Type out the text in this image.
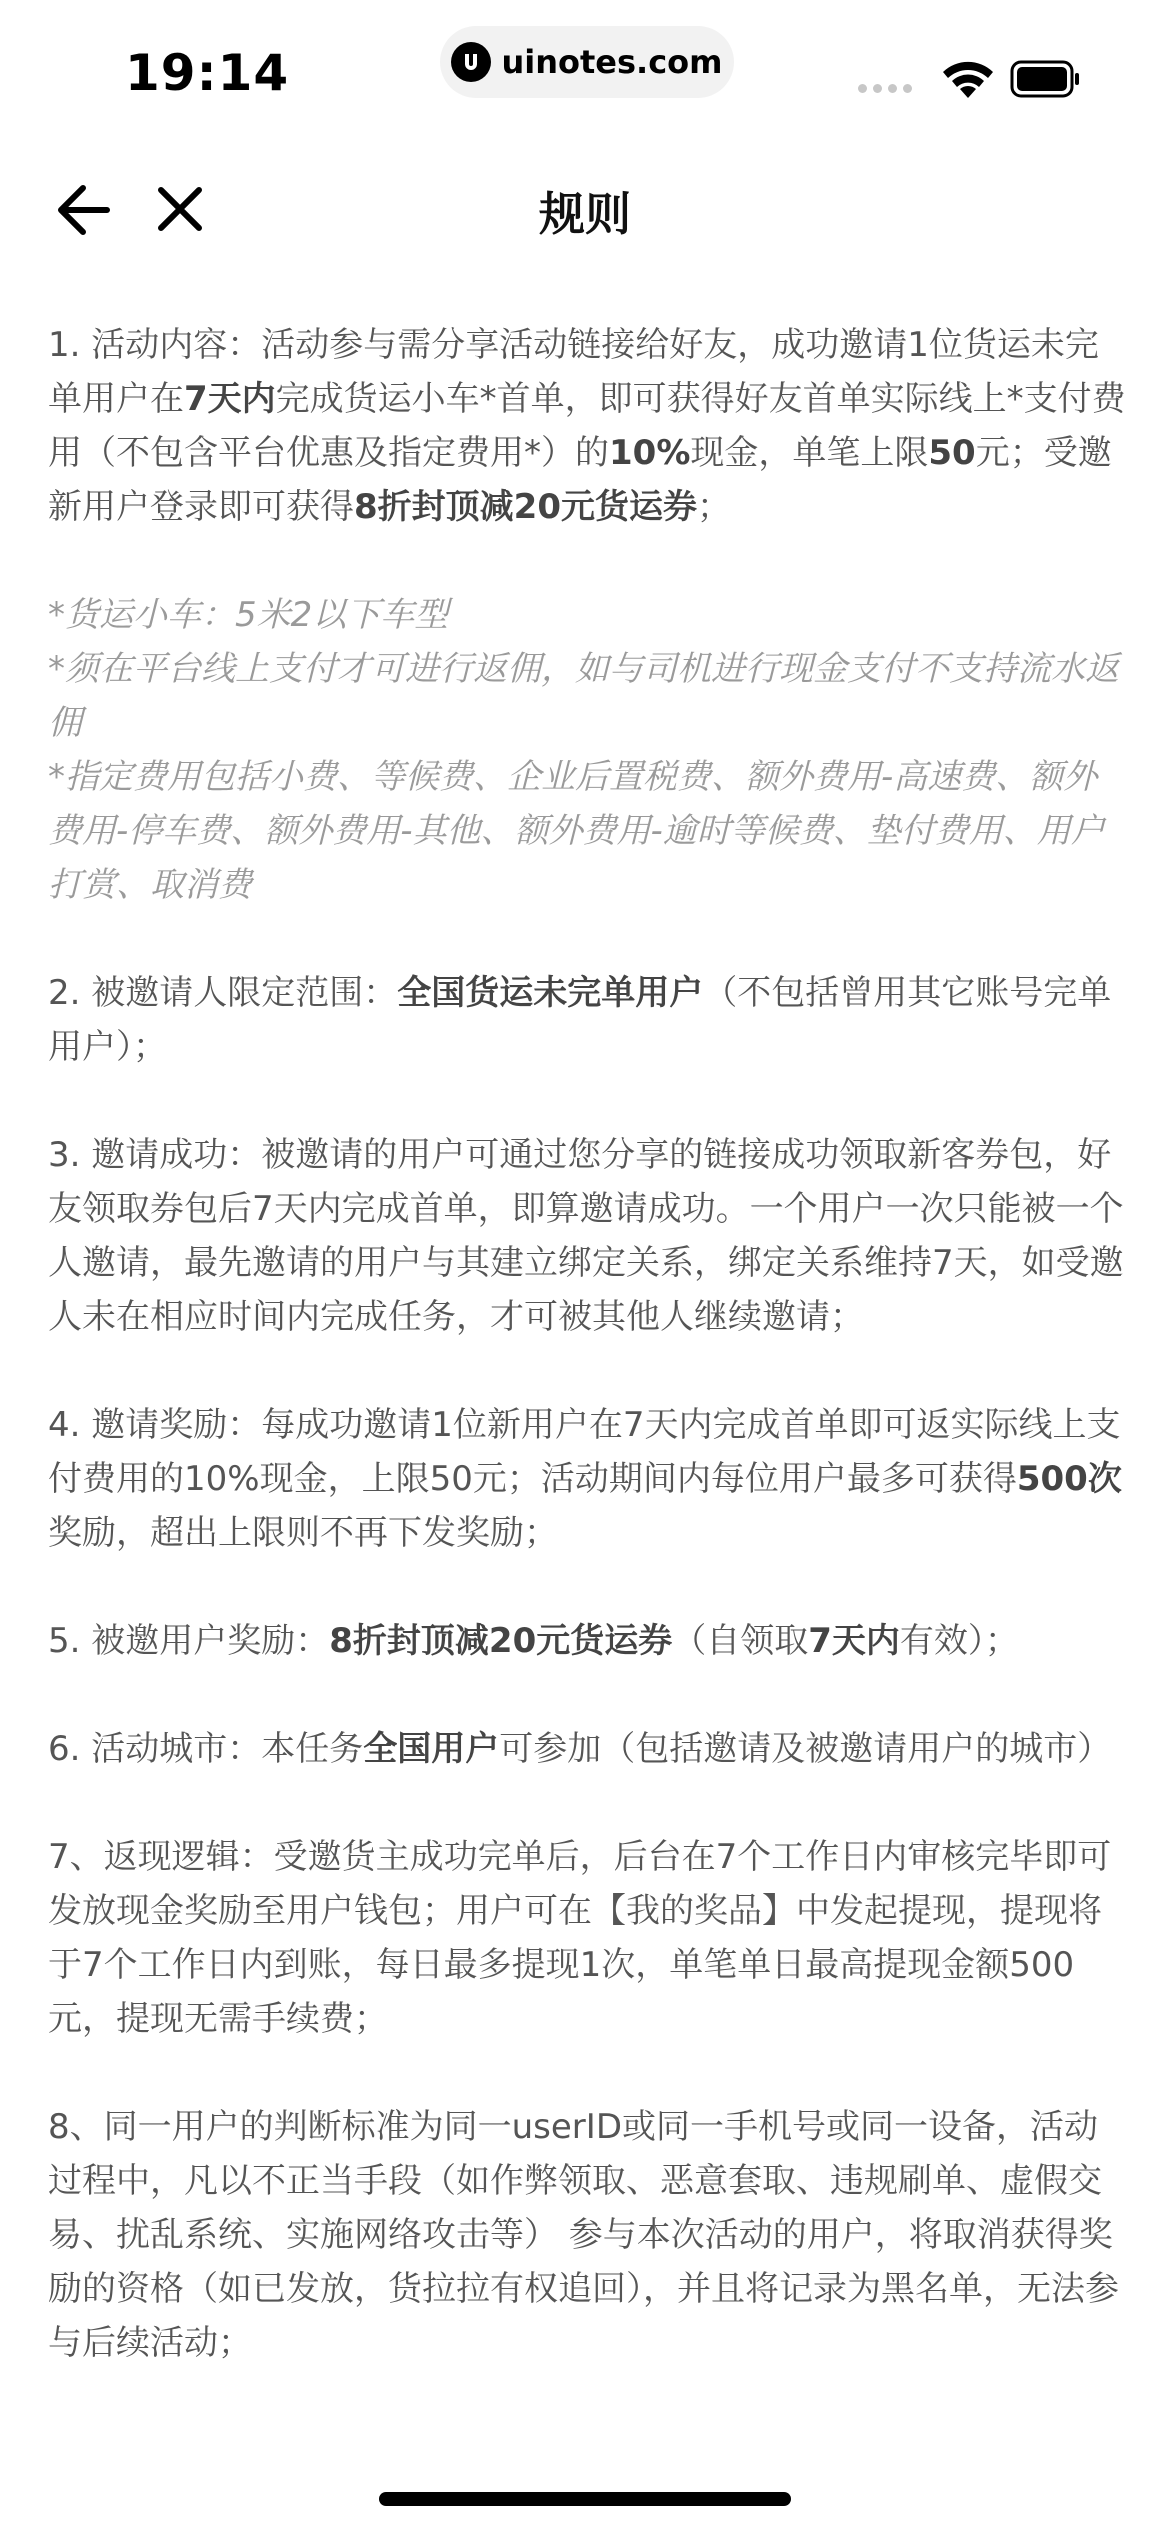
19:14	uinotes.com
规则

1. 活动内容：活动参与需分享活动链接给好友，成功邀请1位货运未完单用户在7天内完成货运小车*首单，即可获得好友首单实际线上*支付费用（不包含平台优惠及指定费用*）的10%现金，单笔上限50元；受邀新用户登录即可获得8折封顶减20元货运券；

*货运小车：5米2以下车型
*须在平台线上支付才可进行返佣，如与司机进行现金支付不支持流水返佣
*指定费用包括小费、等候费、企业后置税费、额外费用-高速费、额外费用-停车费、额外费用-其他、额外费用-逾时等候费、垫付费用、用户打赏、取消费

2. 被邀请人限定范围：全国货运未完单用户（不包括曾用其它账号完单用户）；

3. 邀请成功：被邀请的用户可通过您分享的链接成功领取新客券包，好友领取券包后7天内完成首单，即算邀请成功。一个用户一次只能被一个人邀请，最先邀请的用户与其建立绑定关系，绑定关系维持7天，如受邀人未在相应时间内完成任务，才可被其他人继续邀请；

4. 邀请奖励：每成功邀请1位新用户在7天内完成首单即可返实际线上支付费用的10%现金，上限50元；活动期间内每位用户最多可获得500次奖励，超出上限则不再下发奖励；

5. 被邀用户奖励：8折封顶减20元货运券（自领取7天内有效）；

6. 活动城市：本任务全国用户可参加（包括邀请及被邀请用户的城市）

7、返现逻辑：受邀货主成功完单后，后台在7个工作日内审核完毕即可发放现金奖励至用户钱包；用户可在【我的奖品】中发起提现，提现将于7个工作日内到账，每日最多提现1次，单笔单日最高提现金额500元，提现无需手续费；

8、同一用户的判断标准为同一userID或同一手机号或同一设备，活动过程中，凡以不正当手段（如作弊领取、恶意套取、违规刷单、虚假交易、扰乱系统、实施网络攻击等） 参与本次活动的用户，将取消获得奖励的资格（如已发放，货拉拉有权追回），并且将记录为黑名单，无法参与后续活动；
